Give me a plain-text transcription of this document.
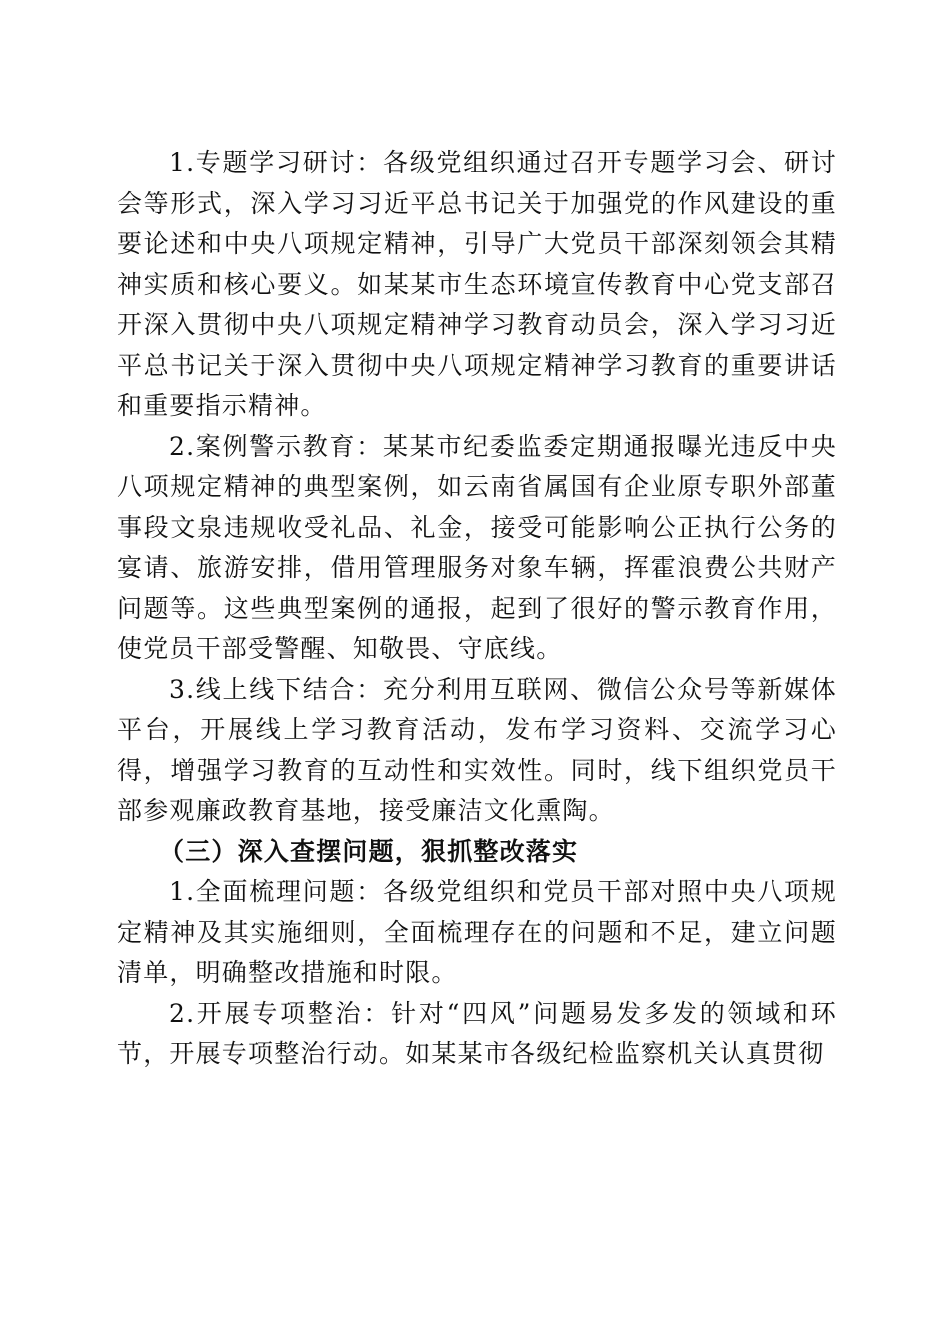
1.专题学习研讨：各级党组织通过召开专题学习会、研讨会等形式，深入学习习近平总书记关于加强党的作风建设的重要论述和中央八项规定精神，引导广大党员干部深刻领会其精神实质和核心要义。如某某市生态环境宣传教育中心党支部召开深入贯彻中央八项规定精神学习教育动员会，深入学习习近平总书记关于深入贯彻中央八项规定精神学习教育的重要讲话和重要指示精神。

2.案例警示教育：某某市纪委监委定期通报曝光违反中央八项规定精神的典型案例，如云南省属国有企业原专职外部董事段文泉违规收受礼品、礼金，接受可能影响公正执行公务的宴请、旅游安排，借用管理服务对象车辆，挥霍浪费公共财产问题等。这些典型案例的通报，起到了很好的警示教育作用，使党员干部受警醒、知敬畏、守底线。

3.线上线下结合：充分利用互联网、微信公众号等新媒体平台，开展线上学习教育活动，发布学习资料、交流学习心得，增强学习教育的互动性和实效性。同时，线下组织党员干部参观廉政教育基地，接受廉洁文化熏陶。

（三）深入查摆问题，狠抓整改落实

1.全面梳理问题：各级党组织和党员干部对照中央八项规定精神及其实施细则，全面梳理存在的问题和不足，建立问题清单，明确整改措施和时限。

2.开展专项整治：针对“四风”问题易发多发的领域和环节，开展专项整治行动。如某某市各级纪检监察机关认真贯彻
